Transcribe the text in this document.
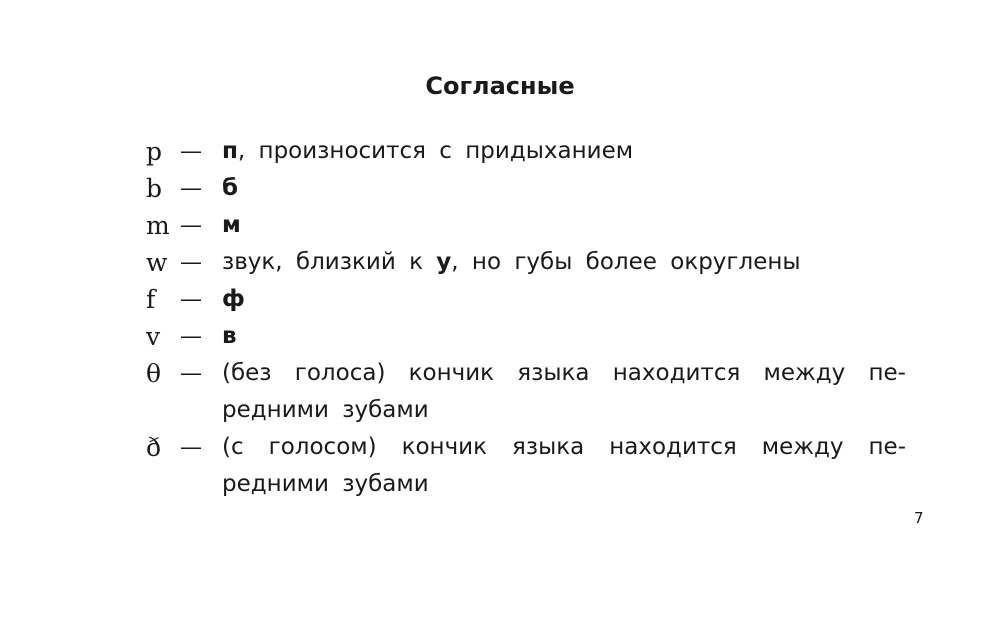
Согласные
p — п, произносится с придыханием
b — б
m — м
w — звук, близкий к у, но губы более округлены
f	— ф
v — в
θ — (без голоса) кончик языка находится между пе-
редними зубами
ð — (с голосом) кончик языка находится между пе-
редними зубами
7
